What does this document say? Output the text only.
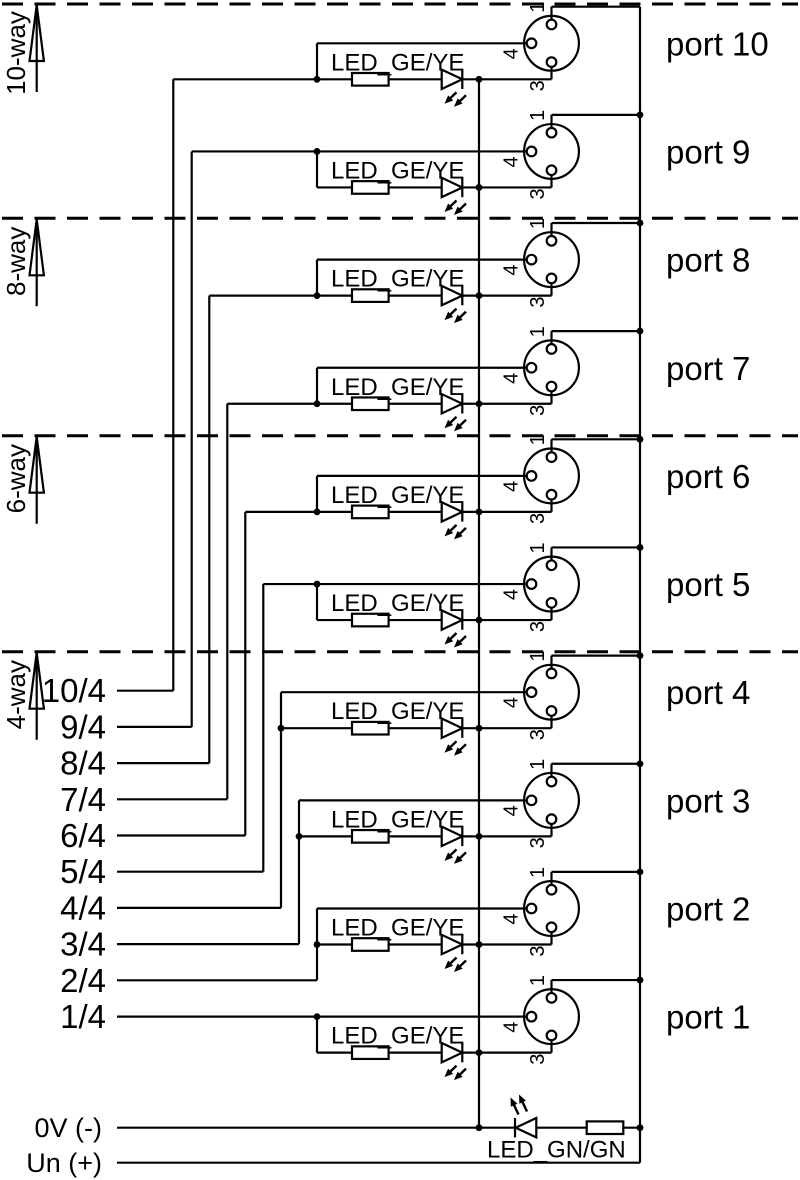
10-way
8-way
6-way
4-way 10/4
LED_GE/YE
1
4
3
port 10
9/4
LED_GE/YE
1
4
3
port 9
8/4
LED_GE/YE
1
4
3
port 8
7/4
LED_GE/YE
1
4
3
port 7
6/4
LED_GE/YE
1
4
3
port 6
5/4
LED_GE/YE
1
4
3
port 5
4/4
LED_GE/YE
1
4
3
port 4
3/4
LED_GE/YE
1
4
3
port 3
2/4
LED_GE/YE
1
4
3
port 2
1/4
LED_GE/YE
1
4
3
port 1
LED_GN/GN
0V (-)
Un (+)
